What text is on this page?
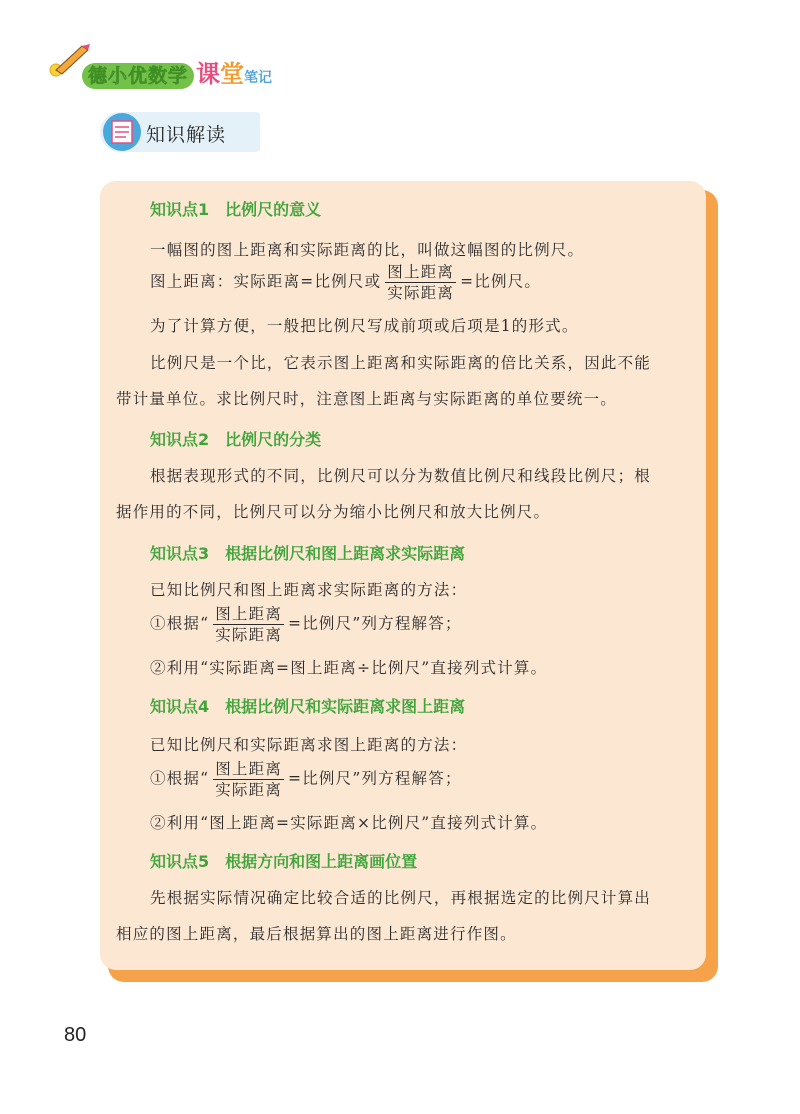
德小优数学 课堂笔记
知识解读
知识点1 比例尺的意义
一幅图的图上距离和实际距离的比，叫做这幅图的比例尺。
图上距离：实际距离=比例尺或 $\frac{\text{图上距离}}{\text{实际距离}}$ =比例尺。
为了计算方便，一般把比例尺写成前项或后项是1的形式。
比例尺是一个比，它表示图上距离和实际距离的倍比关系，因此不能
带计量单位。求比例尺时，注意图上距离与实际距离的单位要统一。
知识点2 比例尺的分类
根据表现形式的不同，比例尺可以分为数值比例尺和线段比例尺；根
据作用的不同，比例尺可以分为缩小比例尺和放大比例尺。
知识点3 根据比例尺和图上距离求实际距离
已知比例尺和图上距离求实际距离的方法：
①根据“ $\frac{\text{图上距离}}{\text{实际距离}}$ =比例尺”列方程解答；
②利用“实际距离=图上距离÷比例尺”直接列式计算。
知识点4 根据比例尺和实际距离求图上距离
已知比例尺和实际距离求图上距离的方法：
①根据“ $\frac{\text{图上距离}}{\text{实际距离}}$ =比例尺”列方程解答；
②利用“图上距离=实际距离×比例尺”直接列式计算。
知识点5 根据方向和图上距离画位置
先根据实际情况确定比较合适的比例尺，再根据选定的比例尺计算出
相应的图上距离，最后根据算出的图上距离进行作图。
80
